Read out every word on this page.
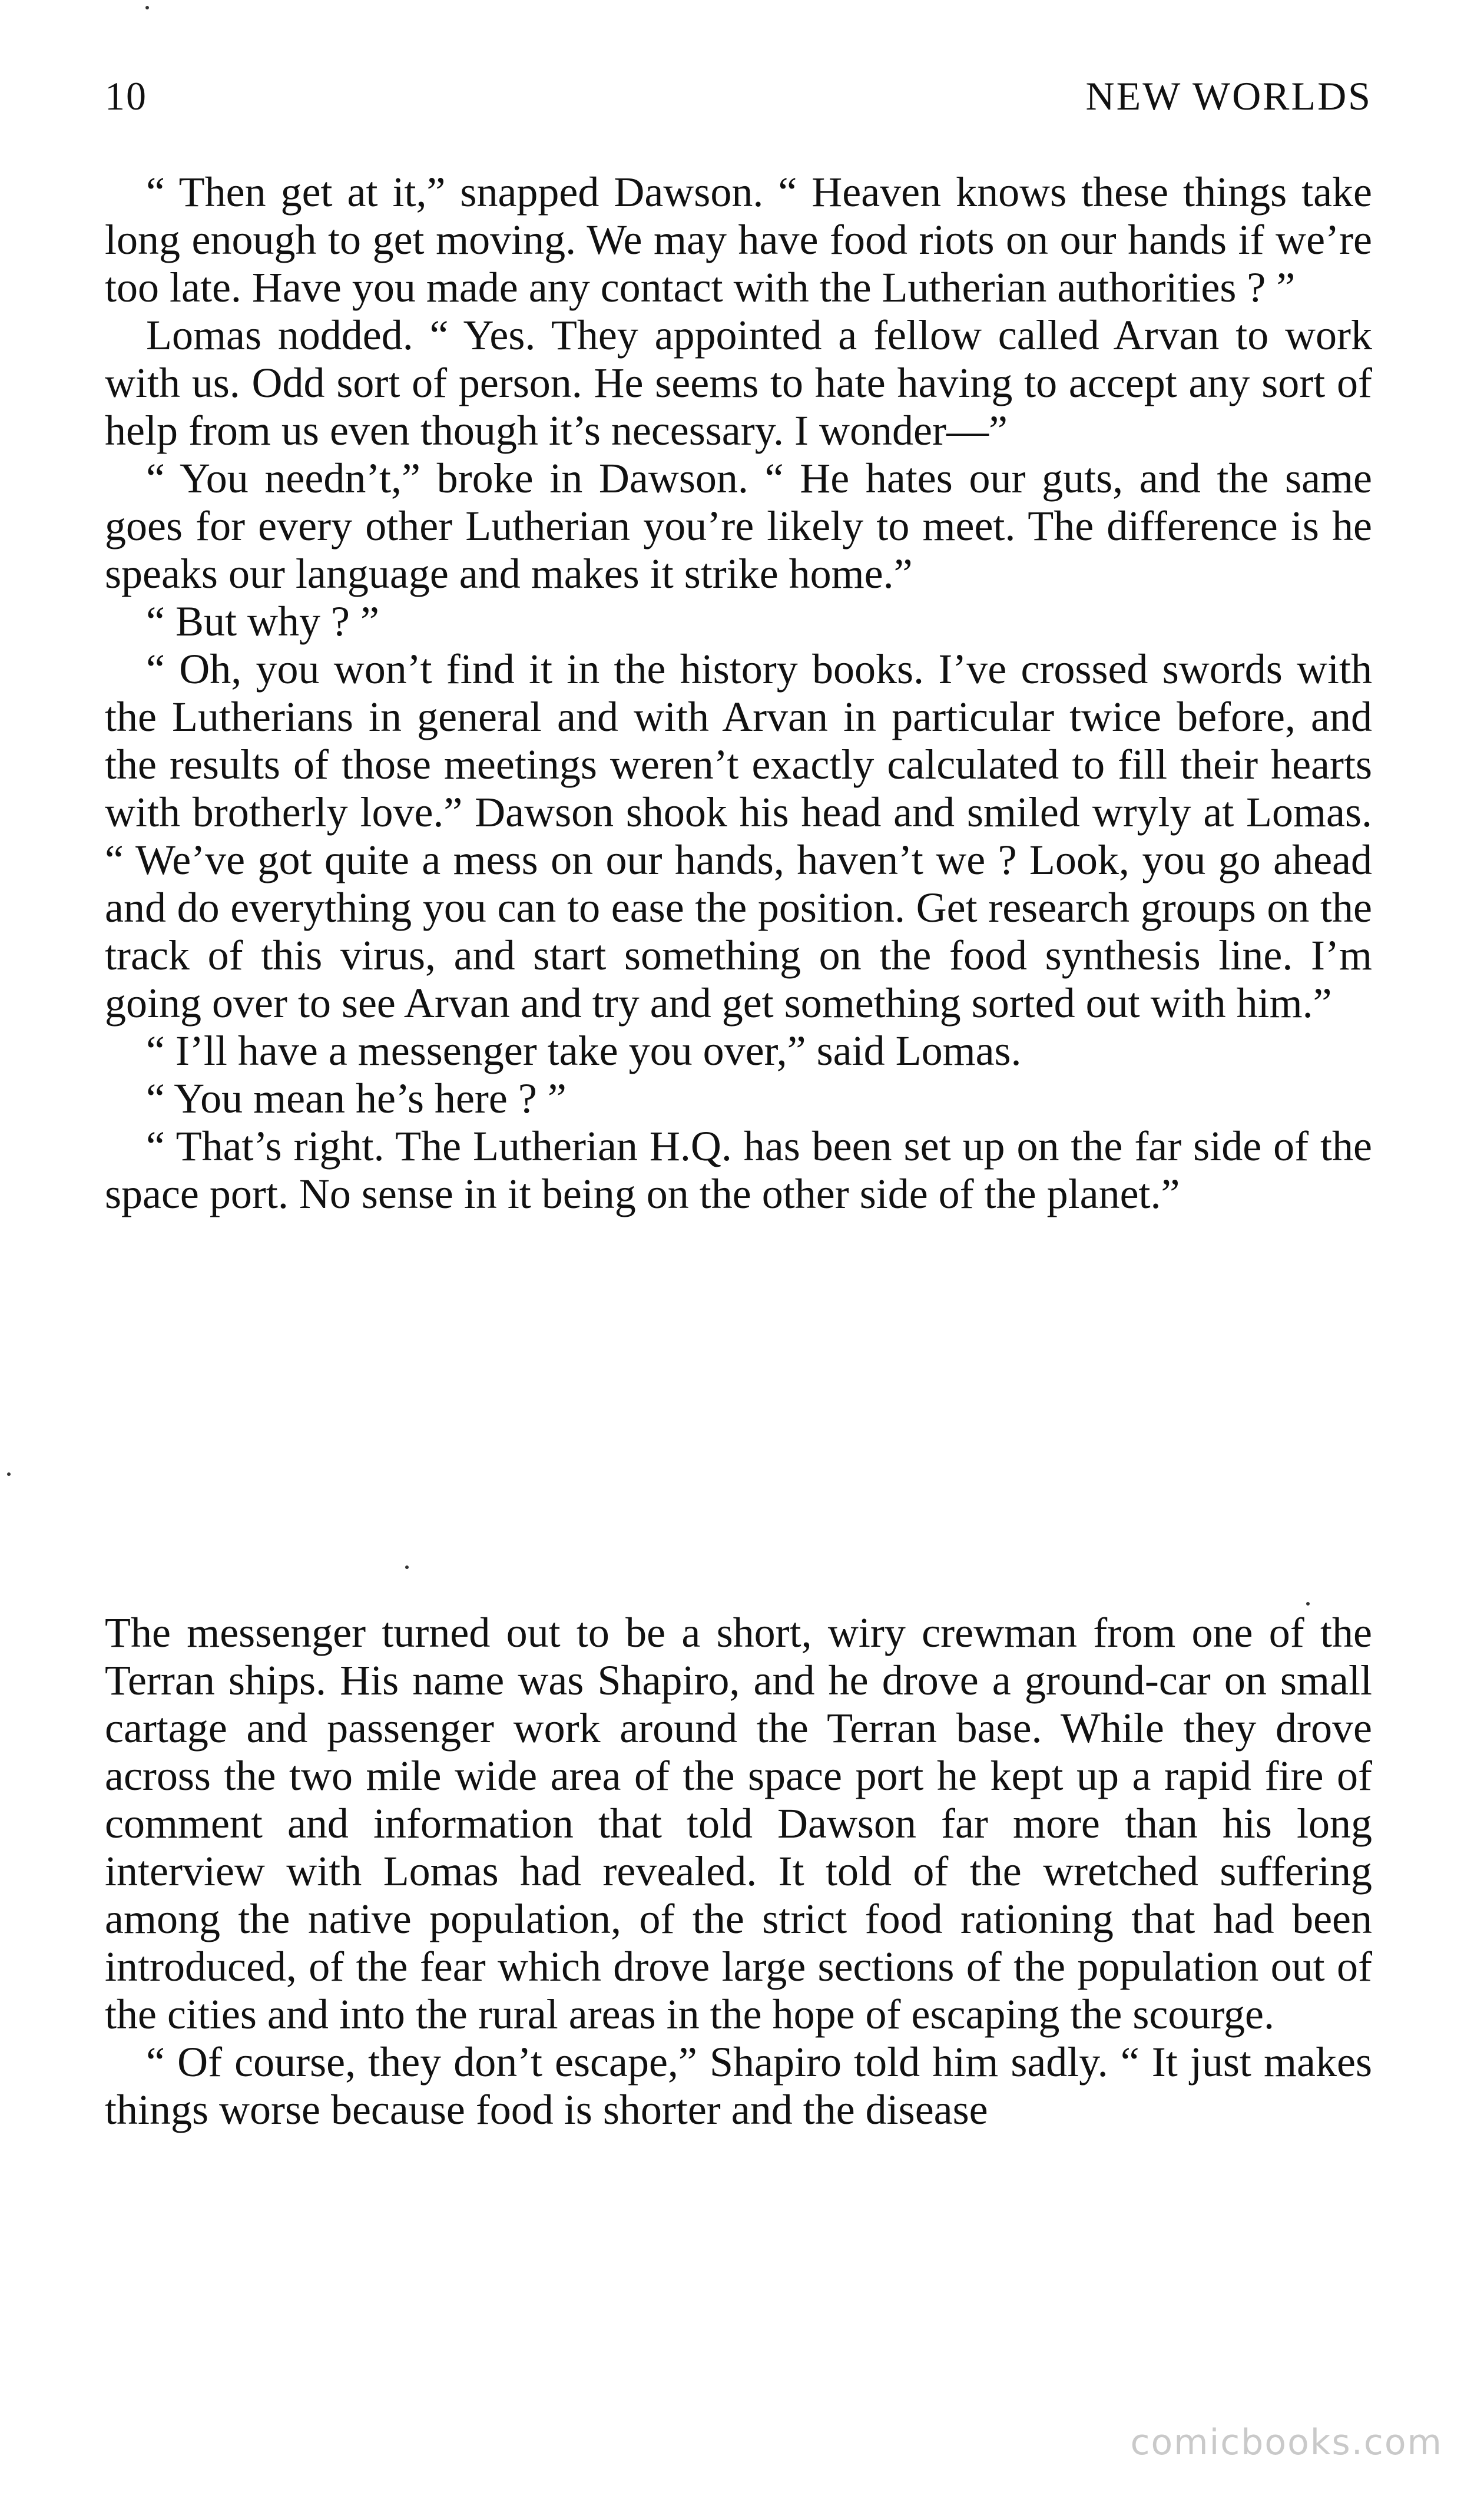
10	NEW WORLDS

“ Then get at it,” snapped Dawson. “ Heaven knows these things take long enough to get moving. We may have food riots on our hands if we’re too late. Have you made any contact with the Lutherian authorities ? ”

Lomas nodded. “ Yes. They appointed a fellow called Arvan to work with us. Odd sort of person. He seems to hate having to accept any sort of help from us even though it’s necessary. I wonder—”

“ You needn’t,” broke in Dawson. “ He hates our guts, and the same goes for every other Lutherian you’re likely to meet. The difference is he speaks our language and makes it strike home.”

“ But why ? ”

“ Oh, you won’t find it in the history books. I’ve crossed swords with the Lutherians in general and with Arvan in particular twice before, and the results of those meetings weren’t exactly calculated to fill their hearts with brotherly love.” Dawson shook his head and smiled wryly at Lomas. “ We’ve got quite a mess on our hands, haven’t we ? Look, you go ahead and do everything you can to ease the position. Get research groups on the track of this virus, and start something on the food synthesis line. I’m going over to see Arvan and try and get something sorted out with him.”

“ I’ll have a messenger take you over,” said Lomas.

“ You mean he’s here ? ”

“ That’s right. The Lutherian H.Q. has been set up on the far side of the space port. No sense in it being on the other side of the planet.”

The messenger turned out to be a short, wiry crewman from one of the Terran ships. His name was Shapiro, and he drove a ground-car on small cartage and passenger work around the Terran base. While they drove across the two mile wide area of the space port he kept up a rapid fire of comment and information that told Dawson far more than his long interview with Lomas had revealed. It told of the wretched suffering among the native population, of the strict food rationing that had been introduced, of the fear which drove large sections of the population out of the cities and into the rural areas in the hope of escaping the scourge.

“ Of course, they don’t escape,” Shapiro told him sadly. “ It just makes things worse because food is shorter and the disease

comicbooks.com
